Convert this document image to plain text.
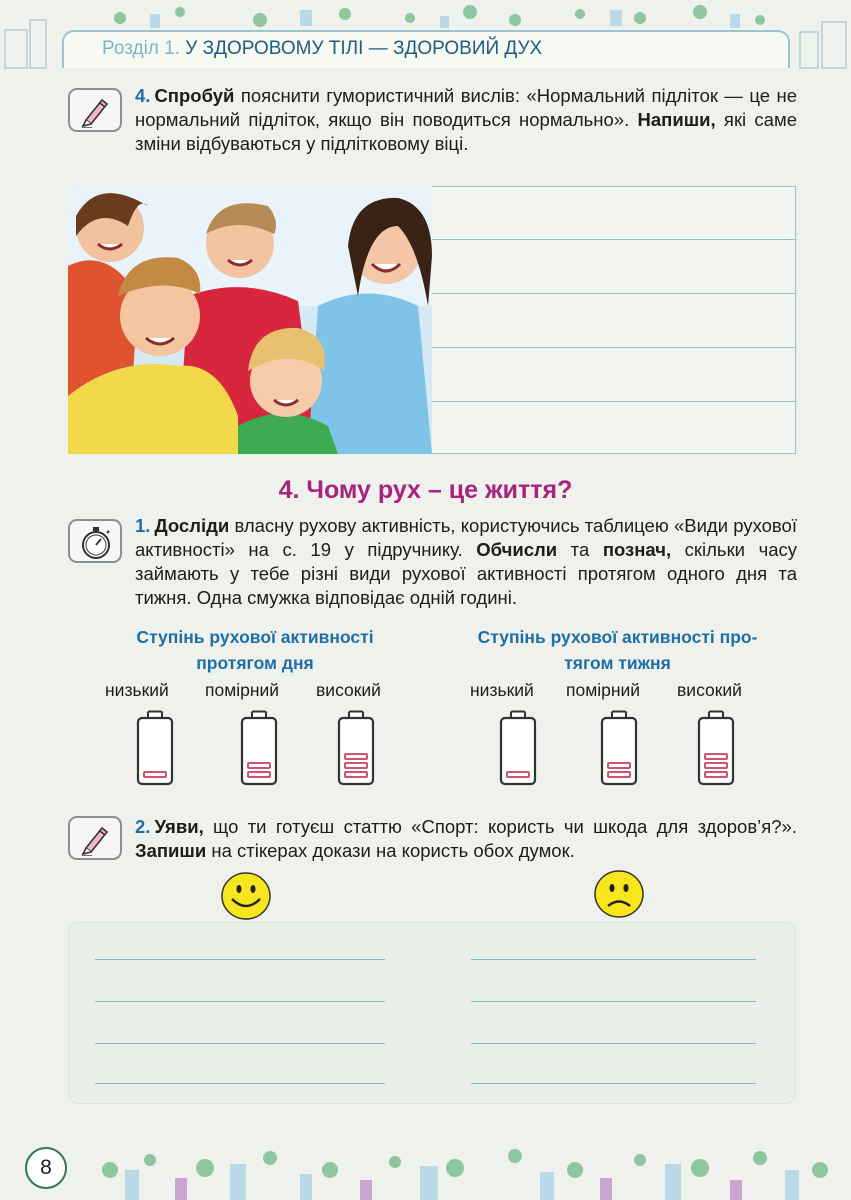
Розділ 1. У ЗДОРОВОМУ ТІЛІ — ЗДОРОВИЙ ДУХ
4. Спробуй пояснити гумористичний вислів: «Нормальний підліток — це не нормальний підліток, якщо він поводиться нормально». Напиши, які саме зміни відбуваються у підлітковому віці.
4. Чому рух – це життя?
1. Досліди власну рухову активність, користуючись таблицею «Види рухової активності» на с. 19 у підручнику. Обчисли та познач, скільки часу займають у тебе різні види рухової активності протягом одного дня та тижня. Одна смужка відповідає одній годині.
Ступінь рухової активності
протягом дня
низький помірний високий
Ступінь рухової активності про-
тягом тижня
низький помірний високий
2. Уяви, що ти готуєш статтю «Спорт: користь чи шкода для здоров’я?». Запиши на стікерах докази на користь обох думок.
8
